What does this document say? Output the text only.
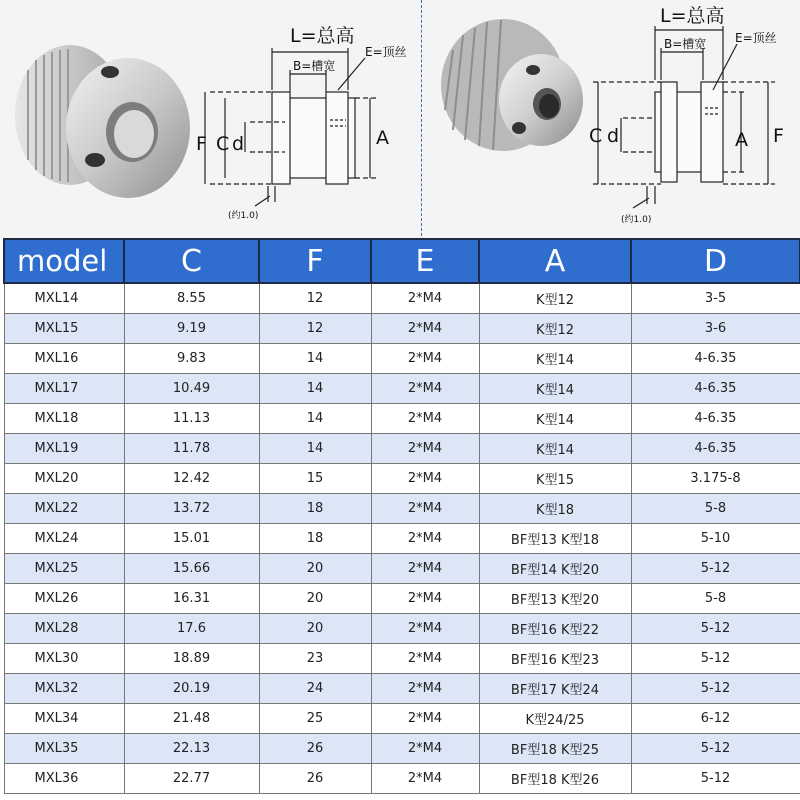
L=总高
B=槽宽
E=顶丝
F C d	A
(约1.0)
L=总高
B=槽宽 E=顶丝
C d	A F
(约1.0)
model	C	F	E	A	D
MXL14	8.55	12	2*M4	K型12	3-5
MXL15	9.19	12	2*M4	K型12	3-6
MXL16	9.83	14	2*M4	K型14	4-6.35
MXL17	10.49	14	2*M4	K型14	4-6.35
MXL18	11.13	14	2*M4	K型14	4-6.35
MXL19	11.78	14	2*M4	K型14	4-6.35
MXL20	12.42	15	2*M4	K型15	3.175-8
MXL22	13.72	18	2*M4	K型18	5-8
MXL24	15.01	18	2*M4	BF型13 K型18	5-10
MXL25	15.66	20	2*M4	BF型14 K型20	5-12
MXL26	16.31	20	2*M4	BF型13 K型20	5-8
MXL28	17.6	20	2*M4	BF型16 K型22	5-12
MXL30	18.89	23	2*M4	BF型16 K型23	5-12
MXL32	20.19	24	2*M4	BF型17 K型24	5-12
MXL34	21.48	25	2*M4	K型24/25	6-12
MXL35	22.13	26	2*M4	BF型18 K型25	5-12
MXL36	22.77	26	2*M4	BF型18 K型26	5-12
